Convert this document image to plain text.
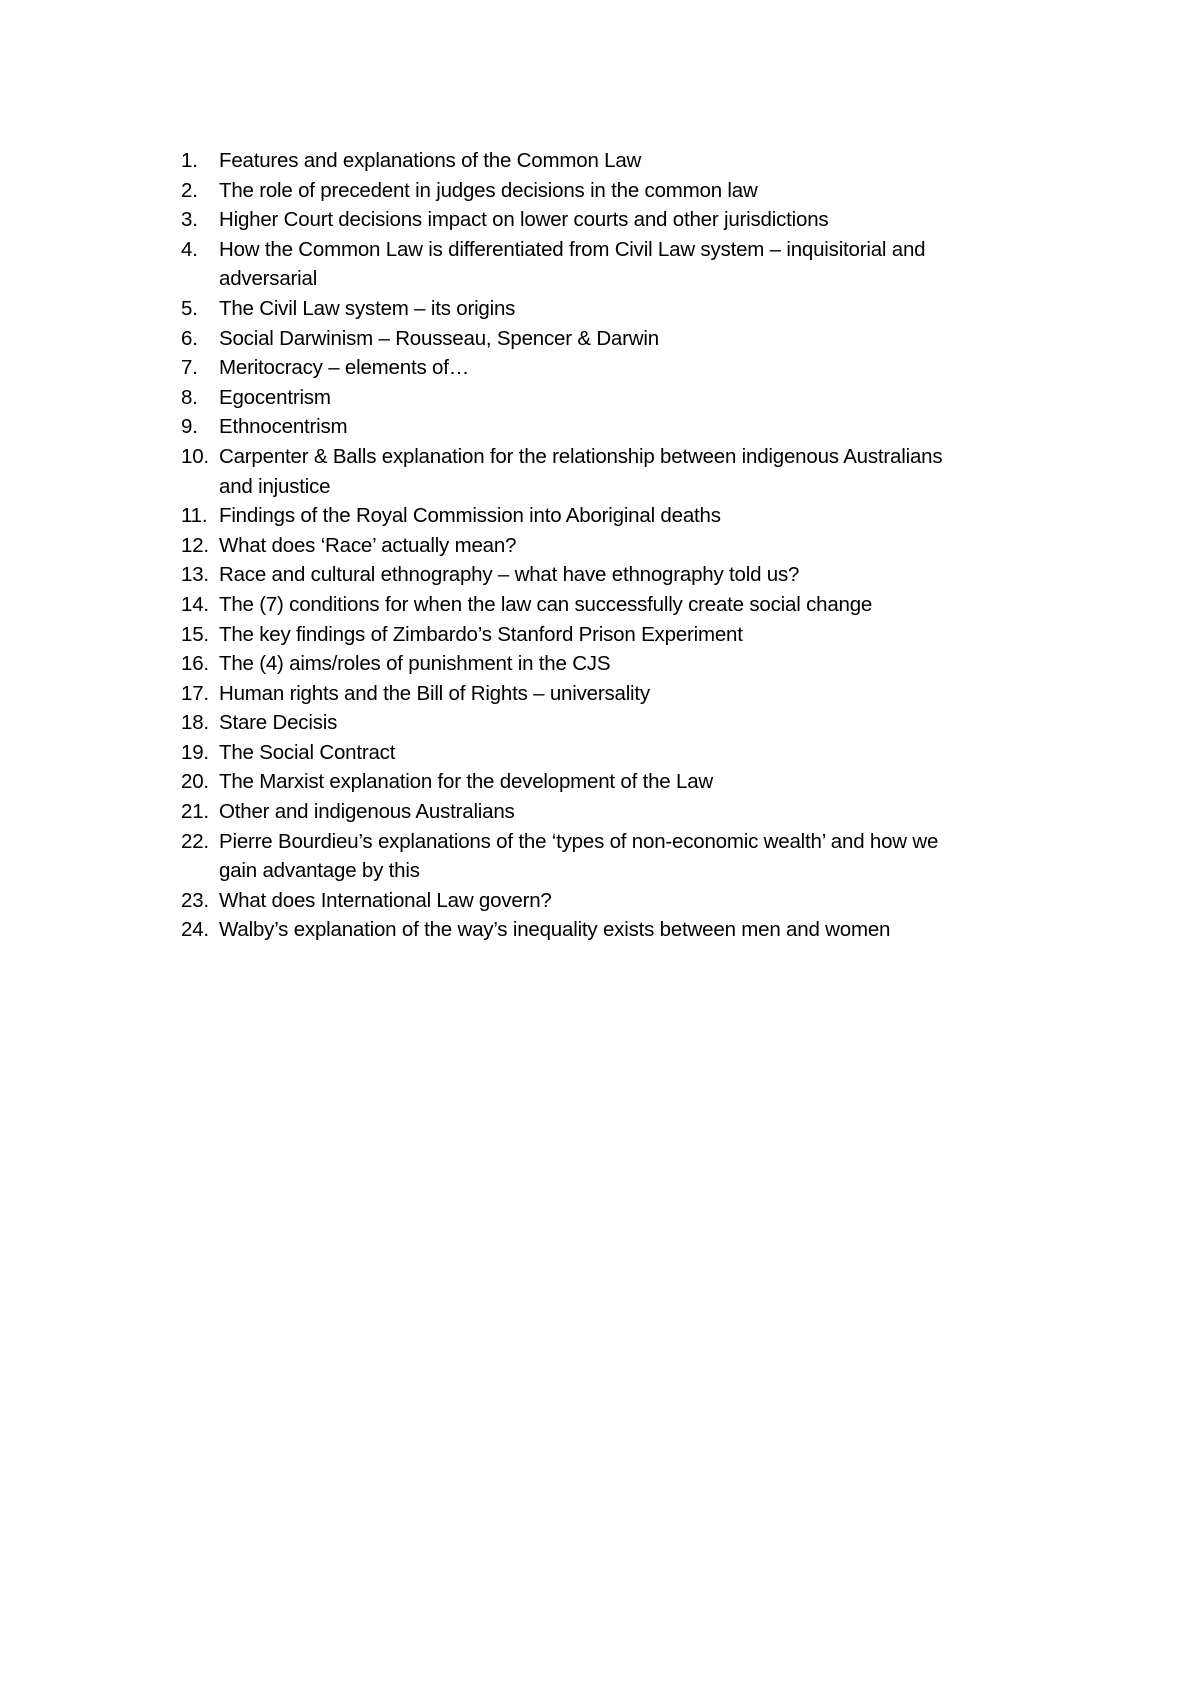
1.	Features and explanations of the Common Law
2.	The role of precedent in judges decisions in the common law
3.	Higher Court decisions impact on lower courts and other jurisdictions
4.	How the Common Law is differentiated from Civil Law system – inquisitorial and
adversarial
5.	The Civil Law system – its origins
6.	Social Darwinism – Rousseau, Spencer & Darwin
7.	Meritocracy – elements of…
8.	Egocentrism
9.	Ethnocentrism
10. Carpenter & Balls explanation for the relationship between indigenous Australians
and injustice
11. Findings of the Royal Commission into Aboriginal deaths
12. What does ‘Race’ actually mean?
13. Race and cultural ethnography – what have ethnography told us?
14. The (7) conditions for when the law can successfully create social change
15. The key findings of Zimbardo’s Stanford Prison Experiment
16. The (4) aims/roles of punishment in the CJS
17. Human rights and the Bill of Rights – universality
18. Stare Decisis
19. The Social Contract
20. The Marxist explanation for the development of the Law
21. Other and indigenous Australians
22. Pierre Bourdieu’s explanations of the ‘types of non-economic wealth’ and how we
gain advantage by this
23. What does International Law govern?
24. Walby’s explanation of the way’s inequality exists between men and women
